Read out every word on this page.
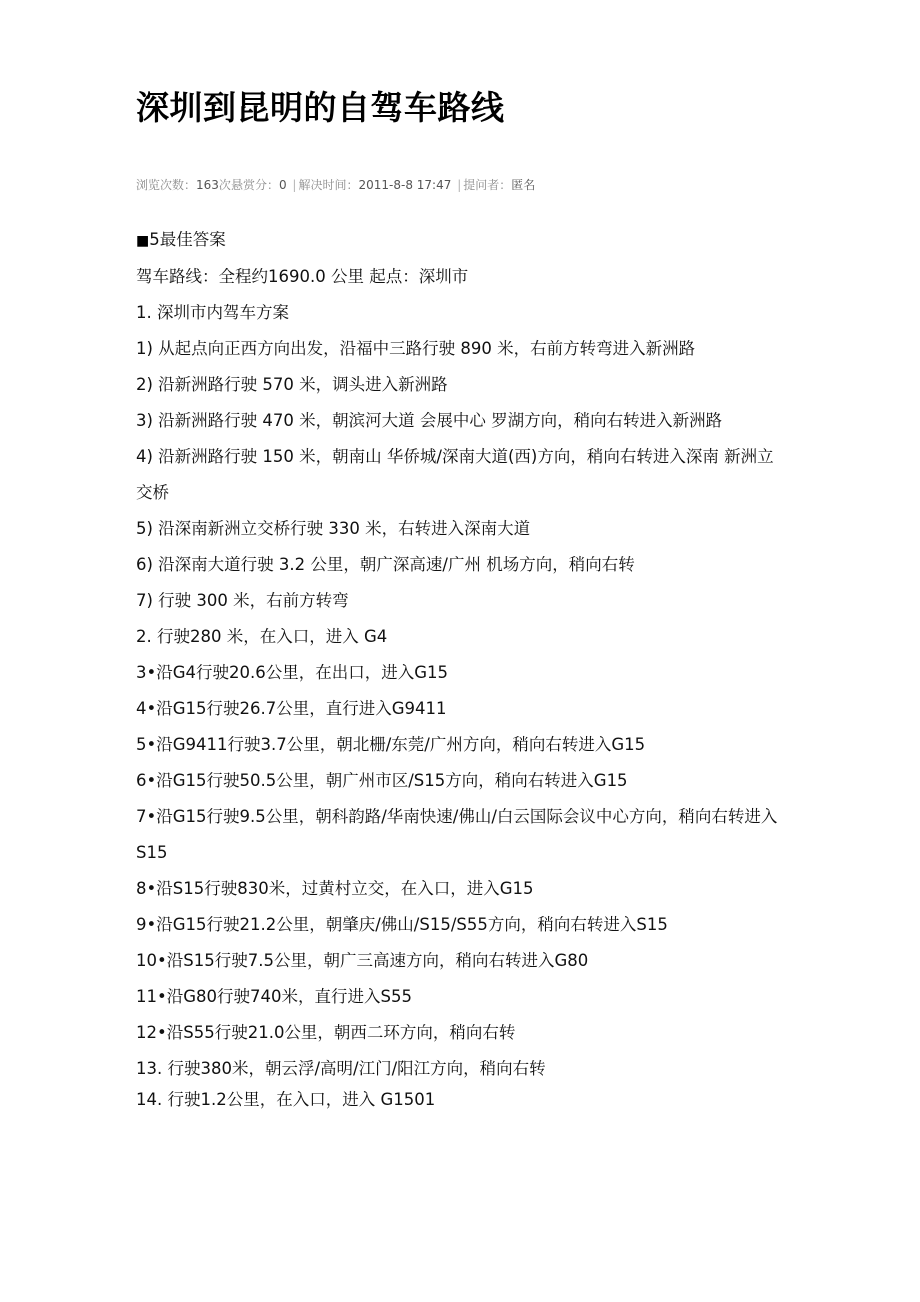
深圳到昆明的自驾车路线
浏览次数：163次悬赏分：0 | 解决时间：2011-8-8 17:47 | 提问者：匿名
■5最佳答案
驾车路线：全程约1690.0 公里 起点：深圳市
1. 深圳市内驾车方案
1) 从起点向正西方向出发，沿福中三路行驶 890 米，右前方转弯进入新洲路
2) 沿新洲路行驶 570 米，调头进入新洲路
3) 沿新洲路行驶 470 米，朝滨河大道 会展中心 罗湖方向，稍向右转进入新洲路
4) 沿新洲路行驶 150 米，朝南山 华侨城/深南大道(西)方向，稍向右转进入深南 新洲立交桥
5) 沿深南新洲立交桥行驶 330 米，右转进入深南大道
6) 沿深南大道行驶 3.2 公里，朝广深高速/广州 机场方向，稍向右转
7) 行驶 300 米，右前方转弯
2. 行驶280 米，在入口，进入 G4
3•沿G4行驶20.6公里，在出口，进入G15
4•沿G15行驶26.7公里，直行进入G9411
5•沿G9411行驶3.7公里，朝北栅/东莞/广州方向，稍向右转进入G15
6•沿G15行驶50.5公里，朝广州市区/S15方向，稍向右转进入G15
7•沿G15行驶9.5公里，朝科韵路/华南快速/佛山/白云国际会议中心方向，稍向右转进入 S15
8•沿S15行驶830米，过黄村立交，在入口，进入G15
9•沿G15行驶21.2公里，朝肇庆/佛山/S15/S55方向，稍向右转进入S15
10•沿S15行驶7.5公里，朝广三高速方向，稍向右转进入G80
11•沿G80行驶740米，直行进入S55
12•沿S55行驶21.0公里，朝西二环方向，稍向右转
13. 行驶380米，朝云浮/高明/江门/阳江方向，稍向右转
14. 行驶1.2公里，在入口，进入 G1501
